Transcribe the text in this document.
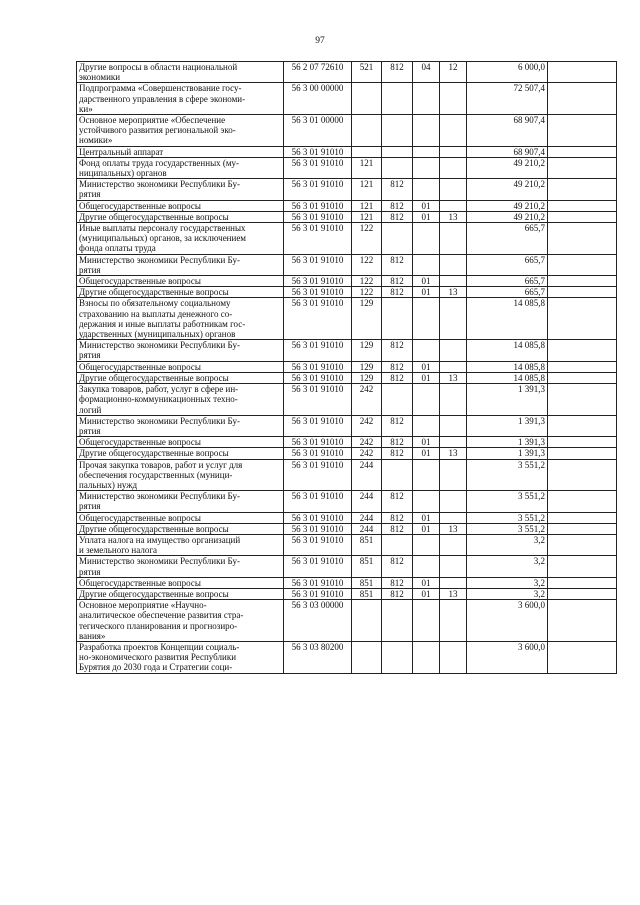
97
Другие вопросы в области национальной
экономики	56 2 07 72610	521	812	04	12	6 000,0	
Подпрограмма «Совершенствование госу-
дарственного управления в сфере экономи-
ки»	56 3 00 00000					72 507,4	
Основное мероприятие «Обеспечение
устойчивого развития региональной эко-
номики»	56 3 01 00000					68 907,4	
Центральный аппарат	56 3 01 91010					68 907,4	
Фонд оплаты труда государственных (му-
ниципальных) органов	56 3 01 91010	121				49 210,2	
Министерство экономики Республики Бу-
рятия	56 3 01 91010	121	812			49 210,2	
Общегосударственные вопросы	56 3 01 91010	121	812	01		49 210,2	
Другие общегосударственные вопросы	56 3 01 91010	121	812	01	13	49 210,2	
Иные выплаты персоналу государственных
(муниципальных) органов, за исключением
фонда оплаты труда	56 3 01 91010	122				665,7	
Министерство экономики Республики Бу-
рятия	56 3 01 91010	122	812			665,7	
Общегосударственные вопросы	56 3 01 91010	122	812	01		665,7	
Другие общегосударственные вопросы	56 3 01 91010	122	812	01	13	665,7	
Взносы по обязательному социальному
страхованию на выплаты денежного со-
держания и иные выплаты работникам гос-
ударственных (муниципальных) органов	56 3 01 91010	129				14 085,8	
Министерство экономики Республики Бу-
рятия	56 3 01 91010	129	812			14 085,8	
Общегосударственные вопросы	56 3 01 91010	129	812	01		14 085,8	
Другие общегосударственные вопросы	56 3 01 91010	129	812	01	13	14 085,8	
Закупка товаров, работ, услуг в сфере ин-
формационно-коммуникационных техно-
логий	56 3 01 91010	242				1 391,3	
Министерство экономики Республики Бу-
рятия	56 3 01 91010	242	812			1 391,3	
Общегосударственные вопросы	56 3 01 91010	242	812	01		1 391,3	
Другие общегосударственные вопросы	56 3 01 91010	242	812	01	13	1 391,3	
Прочая закупка товаров, работ и услуг для
обеспечения государственных (муници-
пальных) нужд	56 3 01 91010	244				3 551,2	
Министерство экономики Республики Бу-
рятия	56 3 01 91010	244	812			3 551,2	
Общегосударственные вопросы	56 3 01 91010	244	812	01		3 551,2	
Другие общегосударственные вопросы	56 3 01 91010	244	812	01	13	3 551,2	
Уплата налога на имущество организаций
и земельного налога	56 3 01 91010	851				3,2	
Министерство экономики Республики Бу-
рятия	56 3 01 91010	851	812			3,2	
Общегосударственные вопросы	56 3 01 91010	851	812	01		3,2	
Другие общегосударственные вопросы	56 3 01 91010	851	812	01	13	3,2	
Основное мероприятие «Научно-
аналитическое обеспечение развития стра-
тегического планирования и прогнозиро-
вания»	56 3 03 00000					3 600,0	
Разработка проектов Концепции социаль-
но-экономического развития Республики
Бурятия до 2030 года и Стратегии соци-	56 3 03 80200					3 600,0	
